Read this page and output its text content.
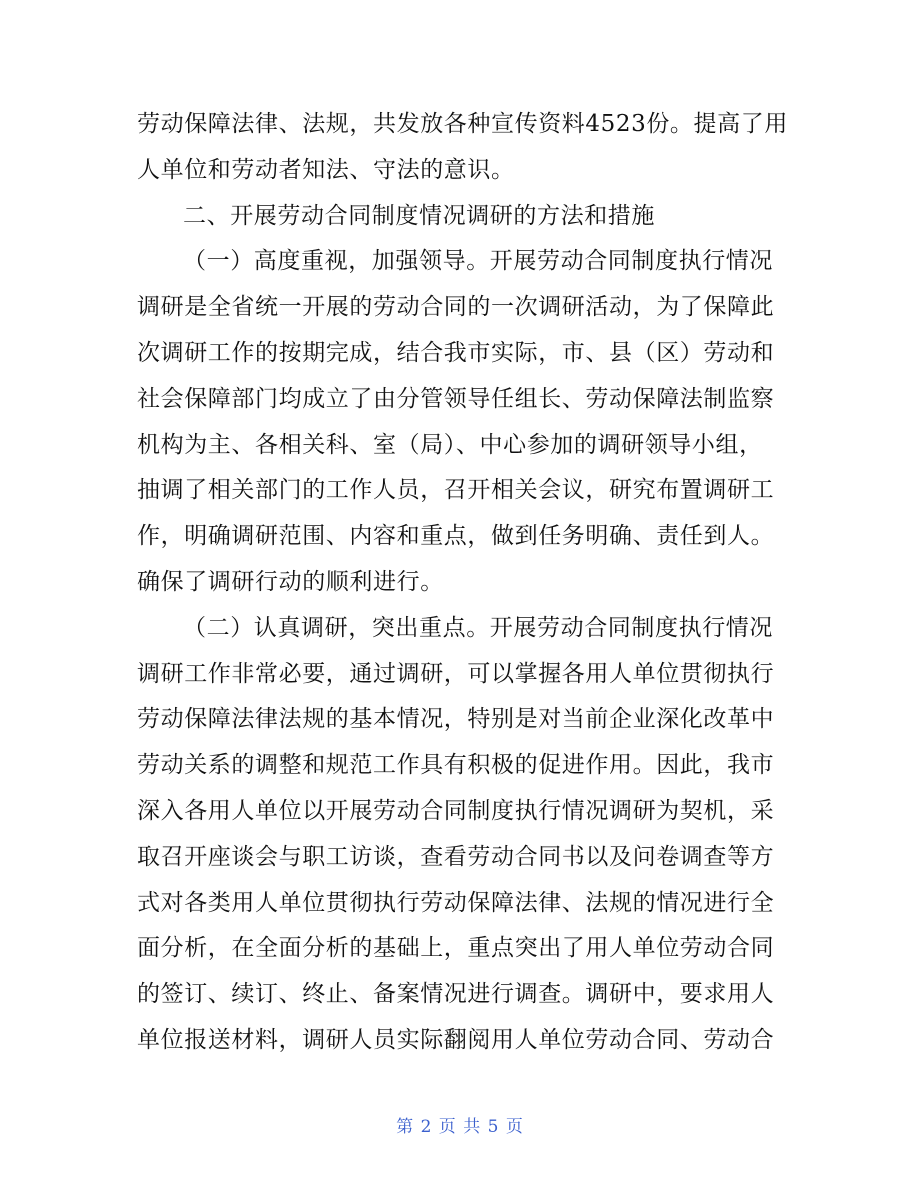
劳动保障法律、法规，共发放各种宣传资料4523份。提高了用
人单位和劳动者知法、守法的意识。
二、开展劳动合同制度情况调研的方法和措施
（一）高度重视，加强领导。开展劳动合同制度执行情况
调研是全省统一开展的劳动合同的一次调研活动，为了保障此
次调研工作的按期完成，结合我市实际，市、县（区）劳动和
社会保障部门均成立了由分管领导任组长、劳动保障法制监察
机构为主、各相关科、室（局）、中心参加的调研领导小组，
抽调了相关部门的工作人员，召开相关会议，研究布置调研工
作，明确调研范围、内容和重点，做到任务明确、责任到人。
确保了调研行动的顺利进行。
（二）认真调研，突出重点。开展劳动合同制度执行情况
调研工作非常必要，通过调研，可以掌握各用人单位贯彻执行
劳动保障法律法规的基本情况，特别是对当前企业深化改革中
劳动关系的调整和规范工作具有积极的促进作用。因此，我市
深入各用人单位以开展劳动合同制度执行情况调研为契机，采
取召开座谈会与职工访谈，查看劳动合同书以及问卷调查等方
式对各类用人单位贯彻执行劳动保障法律、法规的情况进行全
面分析，在全面分析的基础上，重点突出了用人单位劳动合同
的签订、续订、终止、备案情况进行调查。调研中，要求用人
单位报送材料，调研人员实际翻阅用人单位劳动合同、劳动合
第 2 页 共 5 页
